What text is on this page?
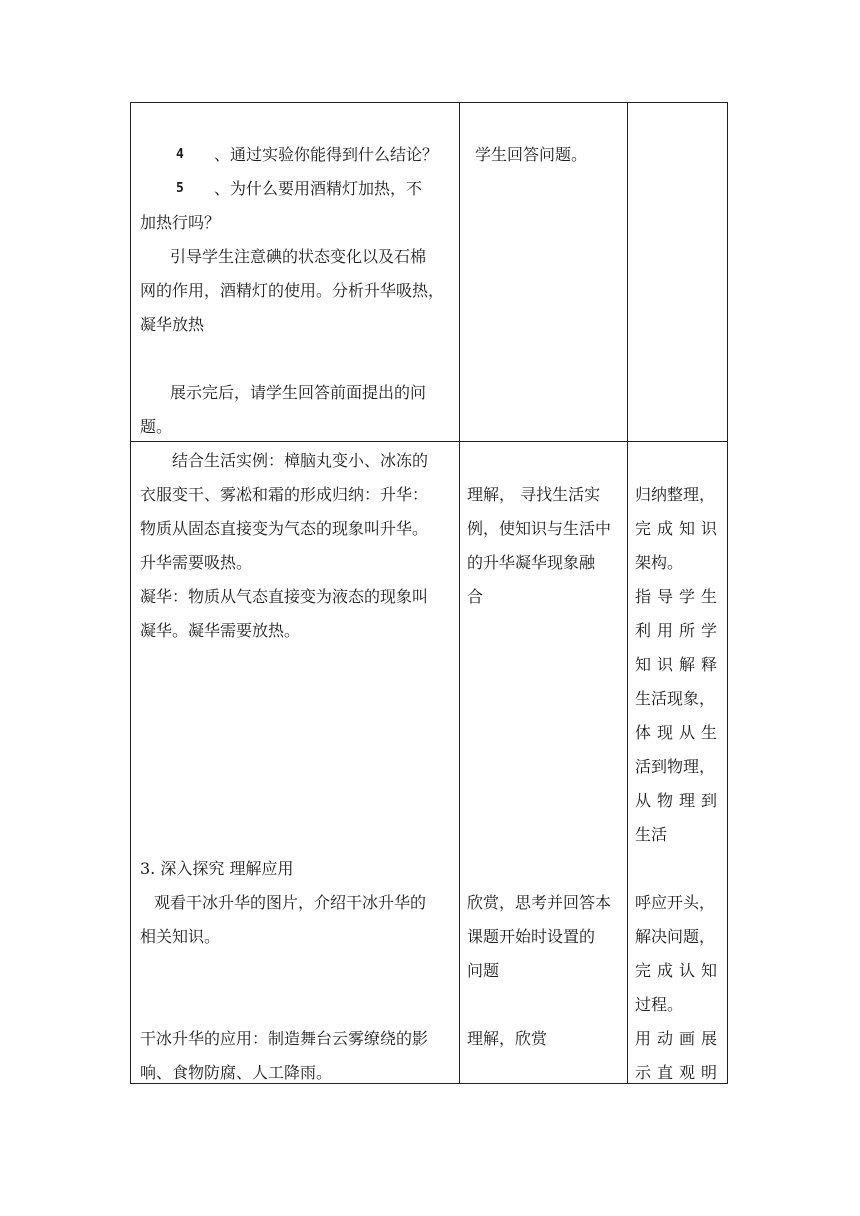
4 、通过实验你能得到什么结论？
5 、为什么要用酒精灯加热，不
加热行吗？
引导学生注意碘的状态变化以及石棉
网的作用，酒精灯的使用。分析升华吸热，
凝华放热
展示完后，请学生回答前面提出的问
题。
学生回答问题。
结合生活实例：樟脑丸变小、冰冻的
衣服变干、雾凇和霜的形成归纳：升华：
物质从固态直接变为气态的现象叫升华。
升华需要吸热。
凝华：物质从气态直接变为液态的现象叫
凝华。凝华需要放热。
3. 深入探究 理解应用
观看干冰升华的图片，介绍干冰升华的
相关知识。
干冰升华的应用：制造舞台云雾缭绕的影
响、食物防腐、人工降雨。
理解， 寻找生活实
例，使知识与生活中
的升华凝华现象融
合
欣赏，思考并回答本
课题开始时设置的
问题
理解，欣赏
归纳整理，
完成知识
架构。
指导学生
利用所学
知识解释
生活现象，
体现从生
活到物理，
从物理到
生活
呼应开头，
解决问题，
完成认知
过程。
用动画展
示直观明
